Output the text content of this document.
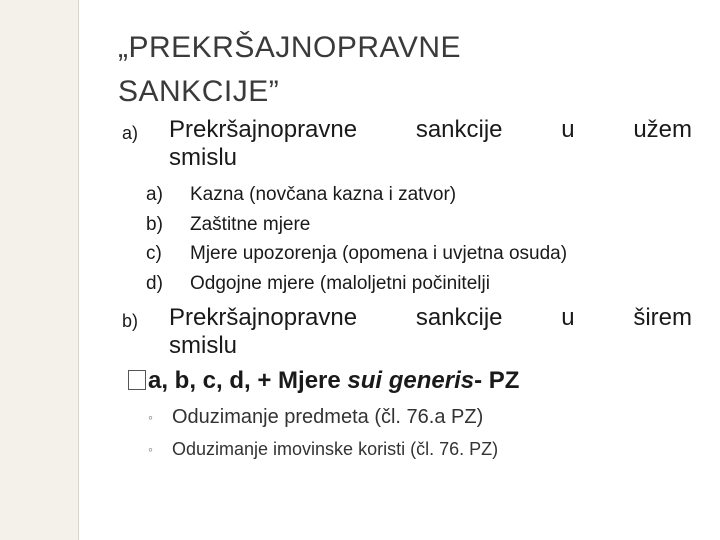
„PREKRŠAJNOPRAVNE
SANKCIJE”
a) Prekršajnopravne sankcije u užem
smislu
a) Kazna (novčana kazna i zatvor)
b) Zaštitne mjere
c) Mjere upozorenja (opomena i uvjetna osuda)
d) Odgojne mjere (maloljetni počinitelji
b) Prekršajnopravne sankcije u širem
smislu
a, b, c, d, + Mjere sui generis- PZ
◦ Oduzimanje predmeta (čl. 76.a PZ)
◦ Oduzimanje imovinske koristi (čl. 76. PZ)
